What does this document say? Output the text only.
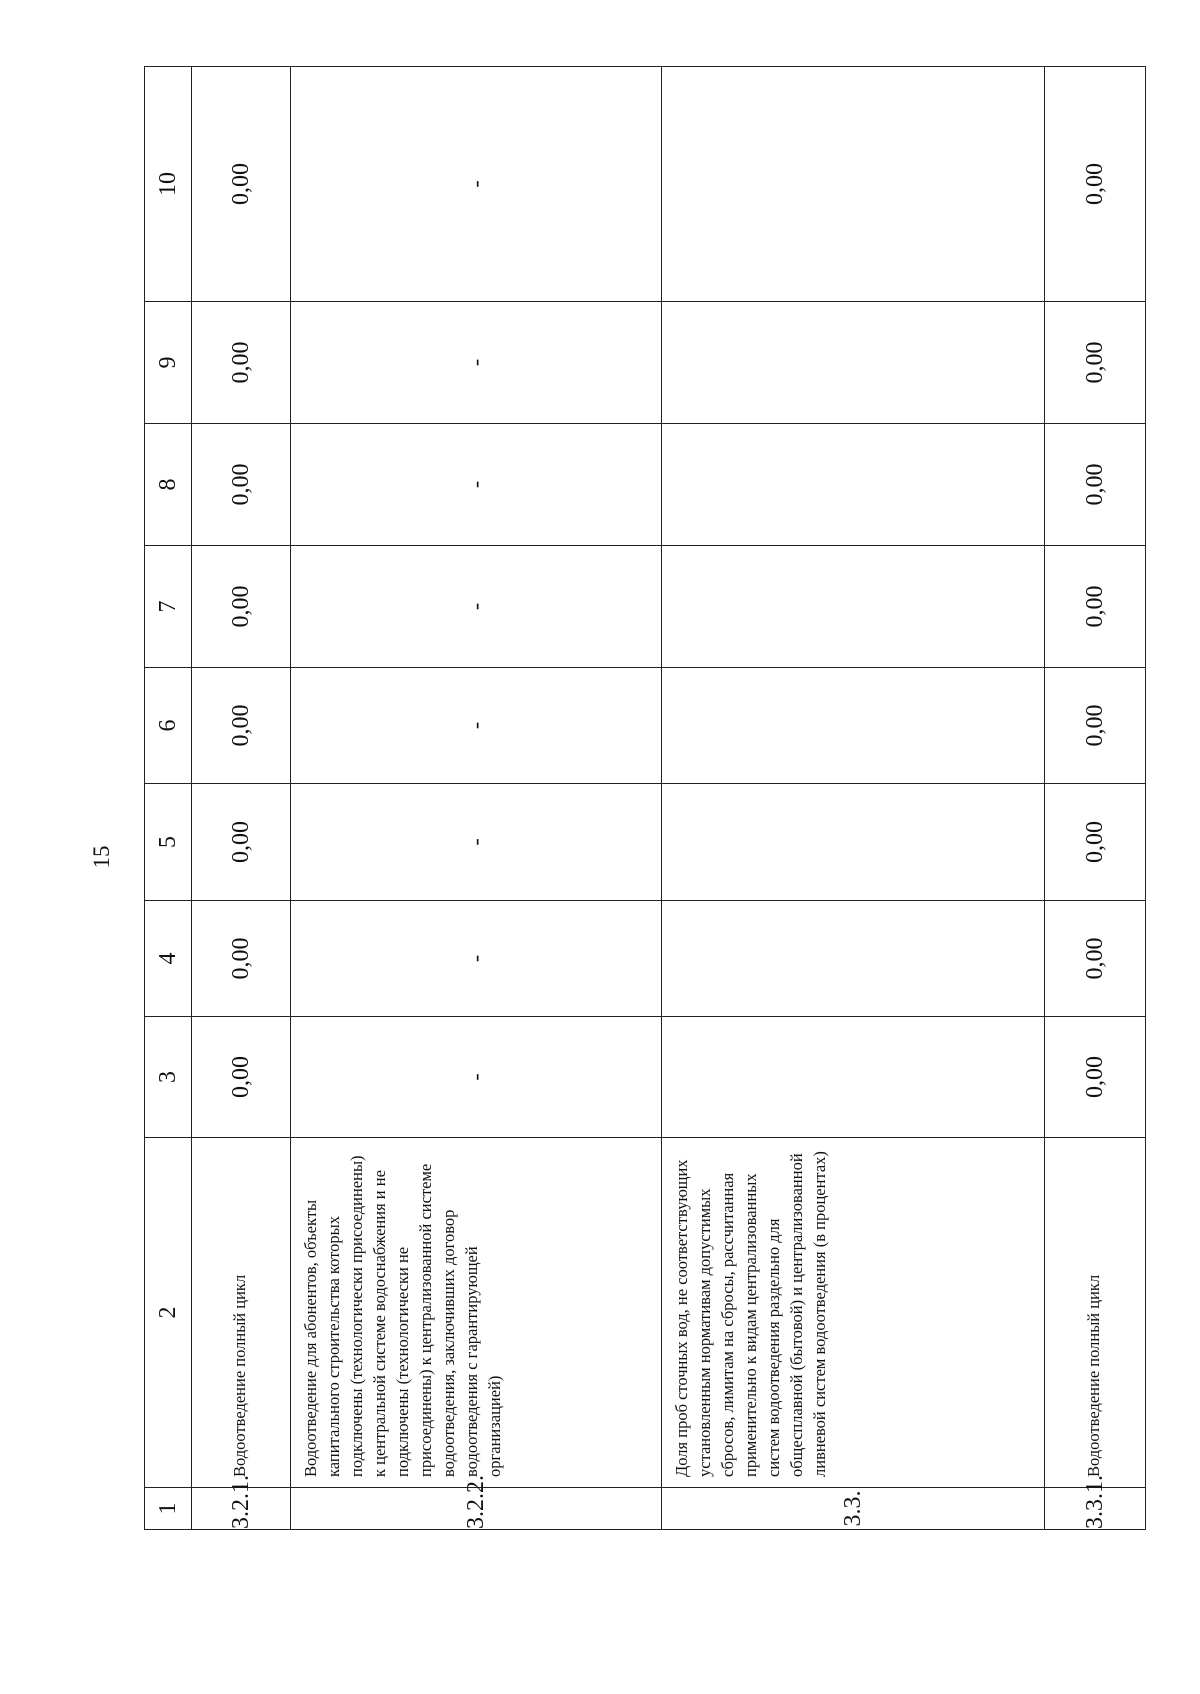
15
1	2	3	4	5	6	7	8	9	10
3.2.1.	Водоотведение полный цикл	0,00	0,00	0,00	0,00	0,00	0,00	0,00	0,00
3.2.2.	Водоотведение для абонентов, объекты капитального строительства которых подключены (технологически присоединены) к центральной системе водоснабжения и не подключены (технологически не присоединены) к централизованной системе водоотведения, заключивших договор водоотведения с гарантирующей организацией)	-	-	-	-	-	-	-	-
3.3.	Доля проб сточных вод, не соответствующих установленным нормативам допустимых сбросов, лимитам на сбросы, рассчитанная применительно к видам централизованных систем водоотведения раздельно для общесплавной (бытовой) и централизованной ливневой систем водоотведения (в процентах)								
3.3.1.	Водоотведение полный цикл	0,00	0,00	0,00	0,00	0,00	0,00	0,00	0,00
